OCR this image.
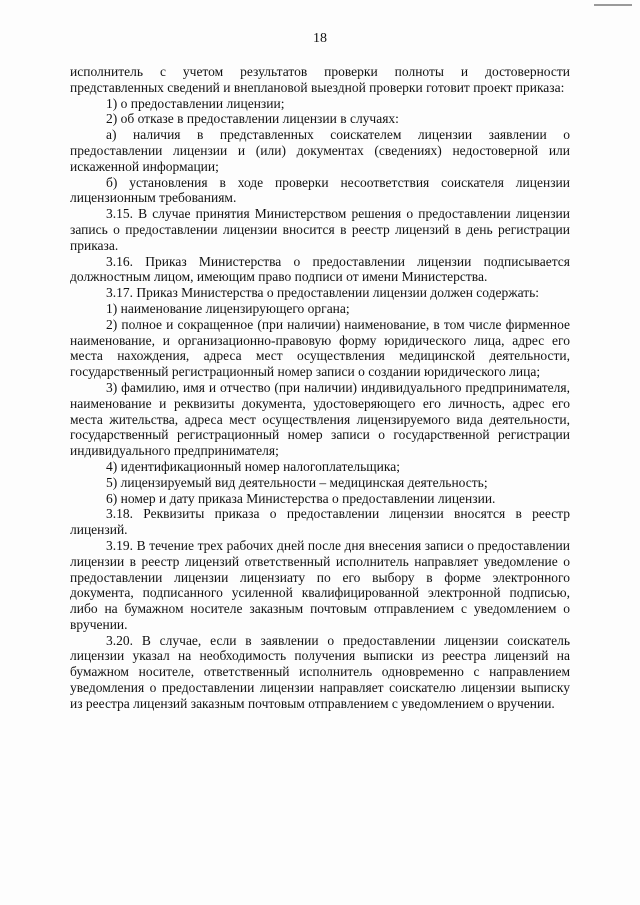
18

исполнитель с учетом результатов проверки полноты и достоверности представленных сведений и внеплановой выездной проверки готовит проект приказа:

1) о предоставлении лицензии;

2) об отказе в предоставлении лицензии в случаях:

а) наличия в представленных соискателем лицензии заявлении о предоставлении лицензии и (или) документах (сведениях) недостоверной или искаженной информации;

б) установления в ходе проверки несоответствия соискателя лицензии лицензионным требованиям.

3.15. В случае принятия Министерством решения о предоставлении лицензии запись о предоставлении лицензии вносится в реестр лицензий в день регистрации приказа.

3.16. Приказ Министерства о предоставлении лицензии подписывается должностным лицом, имеющим право подписи от имени Министерства.

3.17. Приказ Министерства о предоставлении лицензии должен содержать:

1) наименование лицензирующего органа;

2) полное и сокращенное (при наличии) наименование, в том числе фирменное наименование, и организационно-правовую форму юридического лица, адрес его места нахождения, адреса мест осуществления медицинской деятельности, государственный регистрационный номер записи о создании юридического лица;

3) фамилию, имя и отчество (при наличии) индивидуального предпринимателя, наименование и реквизиты документа, удостоверяющего его личность, адрес его места жительства, адреса мест осуществления лицензируемого вида деятельности, государственный регистрационный номер записи о государственной регистрации индивидуального предпринимателя;

4) идентификационный номер налогоплательщика;

5) лицензируемый вид деятельности – медицинская деятельность;

6) номер и дату приказа Министерства о предоставлении лицензии.

3.18. Реквизиты приказа о предоставлении лицензии вносятся в реестр лицензий.

3.19. В течение трех рабочих дней после дня внесения записи о предоставлении лицензии в реестр лицензий ответственный исполнитель направляет уведомление о предоставлении лицензии лицензиату по его выбору в форме электронного документа, подписанного усиленной квалифицированной электронной подписью, либо на бумажном носителе заказным почтовым отправлением с уведомлением о вручении.

3.20. В случае, если в заявлении о предоставлении лицензии соискатель лицензии указал на необходимость получения выписки из реестра лицензий на бумажном носителе, ответственный исполнитель одновременно с направлением уведомления о предоставлении лицензии направляет соискателю лицензии выписку из реестра лицензий заказным почтовым отправлением с уведомлением о вручении.
